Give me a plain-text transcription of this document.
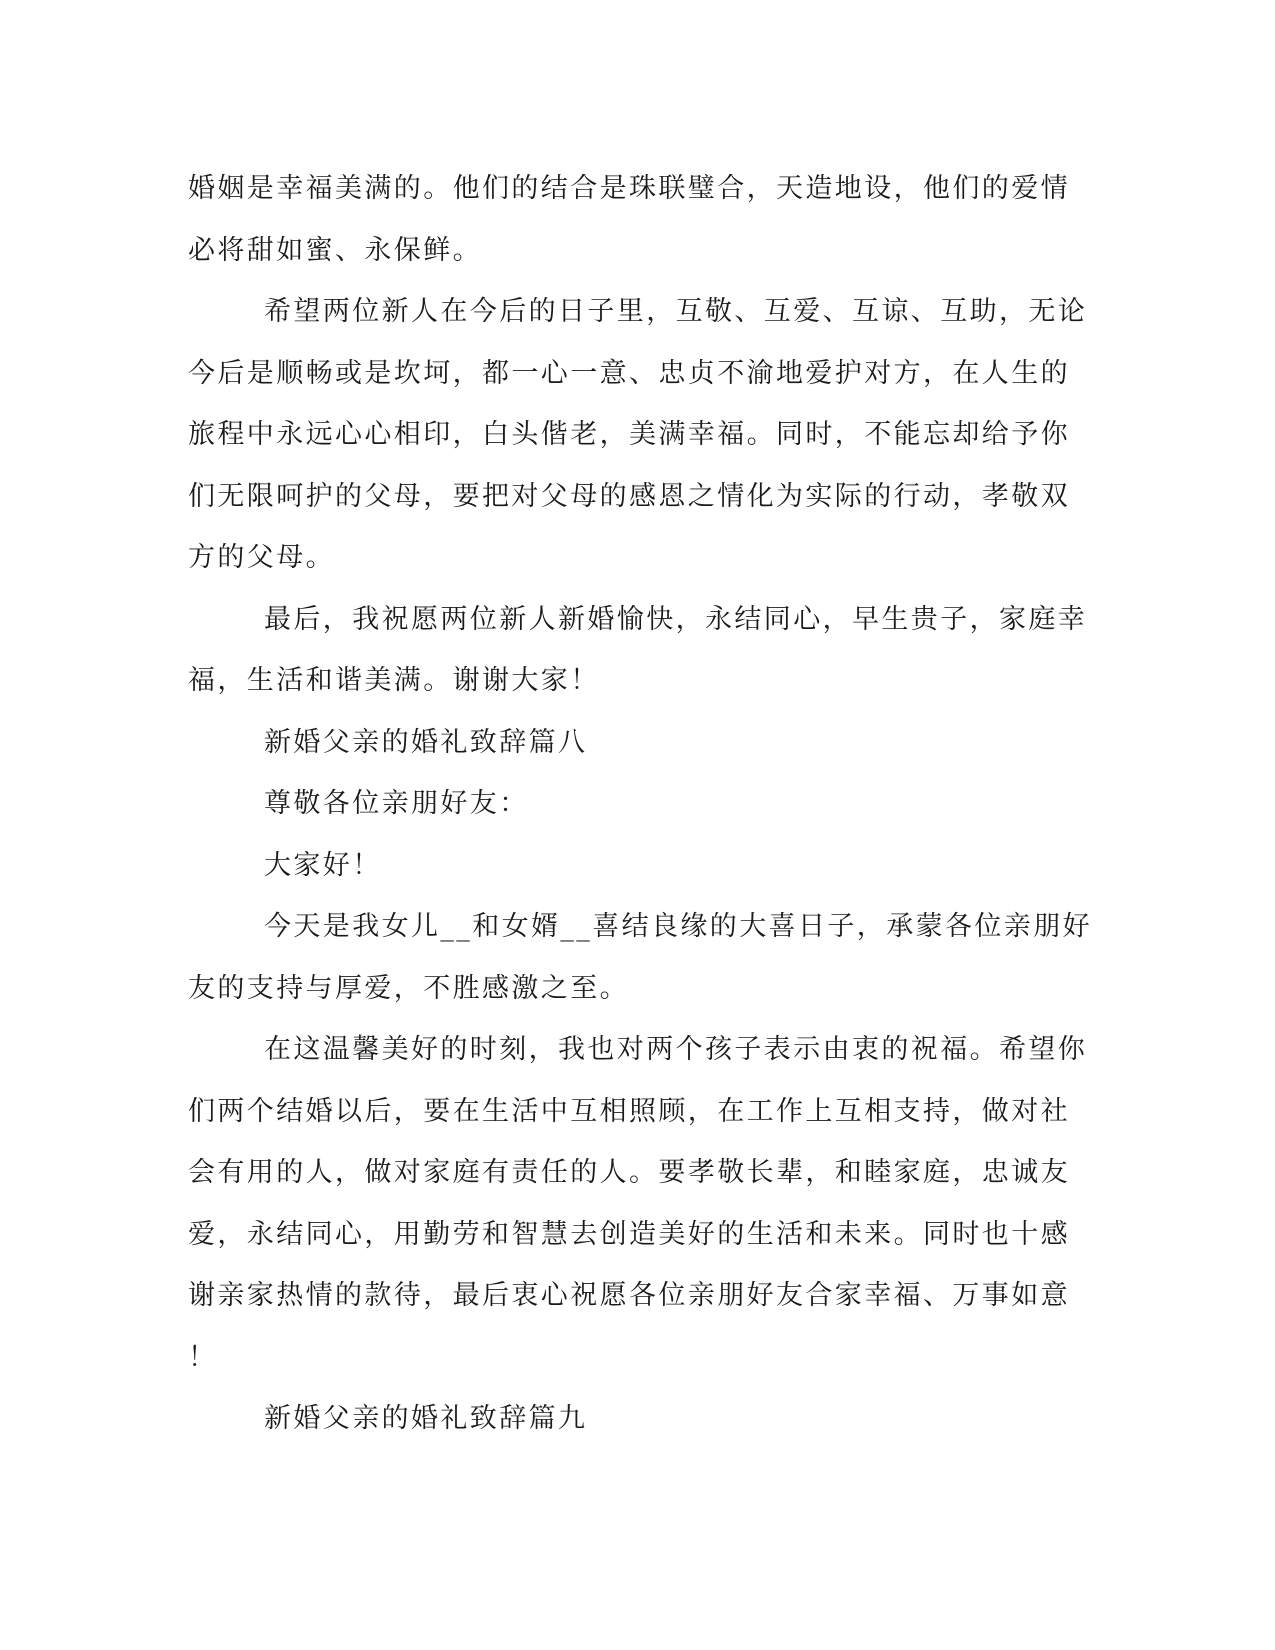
婚姻是幸福美满的。他们的结合是珠联璧合，天造地设，他们的爱情
必将甜如蜜、永保鲜。
希望两位新人在今后的日子里，互敬、互爱、互谅、互助，无论
今后是顺畅或是坎坷，都一心一意、忠贞不渝地爱护对方，在人生的
旅程中永远心心相印，白头偕老，美满幸福。同时，不能忘却给予你
们无限呵护的父母，要把对父母的感恩之情化为实际的行动，孝敬双
方的父母。
最后，我祝愿两位新人新婚愉快，永结同心，早生贵子，家庭幸
福，生活和谐美满。谢谢大家！
新婚父亲的婚礼致辞篇八
尊敬各位亲朋好友：
大家好！
今天是我女儿__和女婿__喜结良缘的大喜日子，承蒙各位亲朋好
友的支持与厚爱，不胜感激之至。
在这温馨美好的时刻，我也对两个孩子表示由衷的祝福。希望你
们两个结婚以后，要在生活中互相照顾，在工作上互相支持，做对社
会有用的人，做对家庭有责任的人。要孝敬长辈，和睦家庭，忠诚友
爱，永结同心，用勤劳和智慧去创造美好的生活和未来。同时也十感
谢亲家热情的款待，最后衷心祝愿各位亲朋好友合家幸福、万事如意
！
新婚父亲的婚礼致辞篇九
